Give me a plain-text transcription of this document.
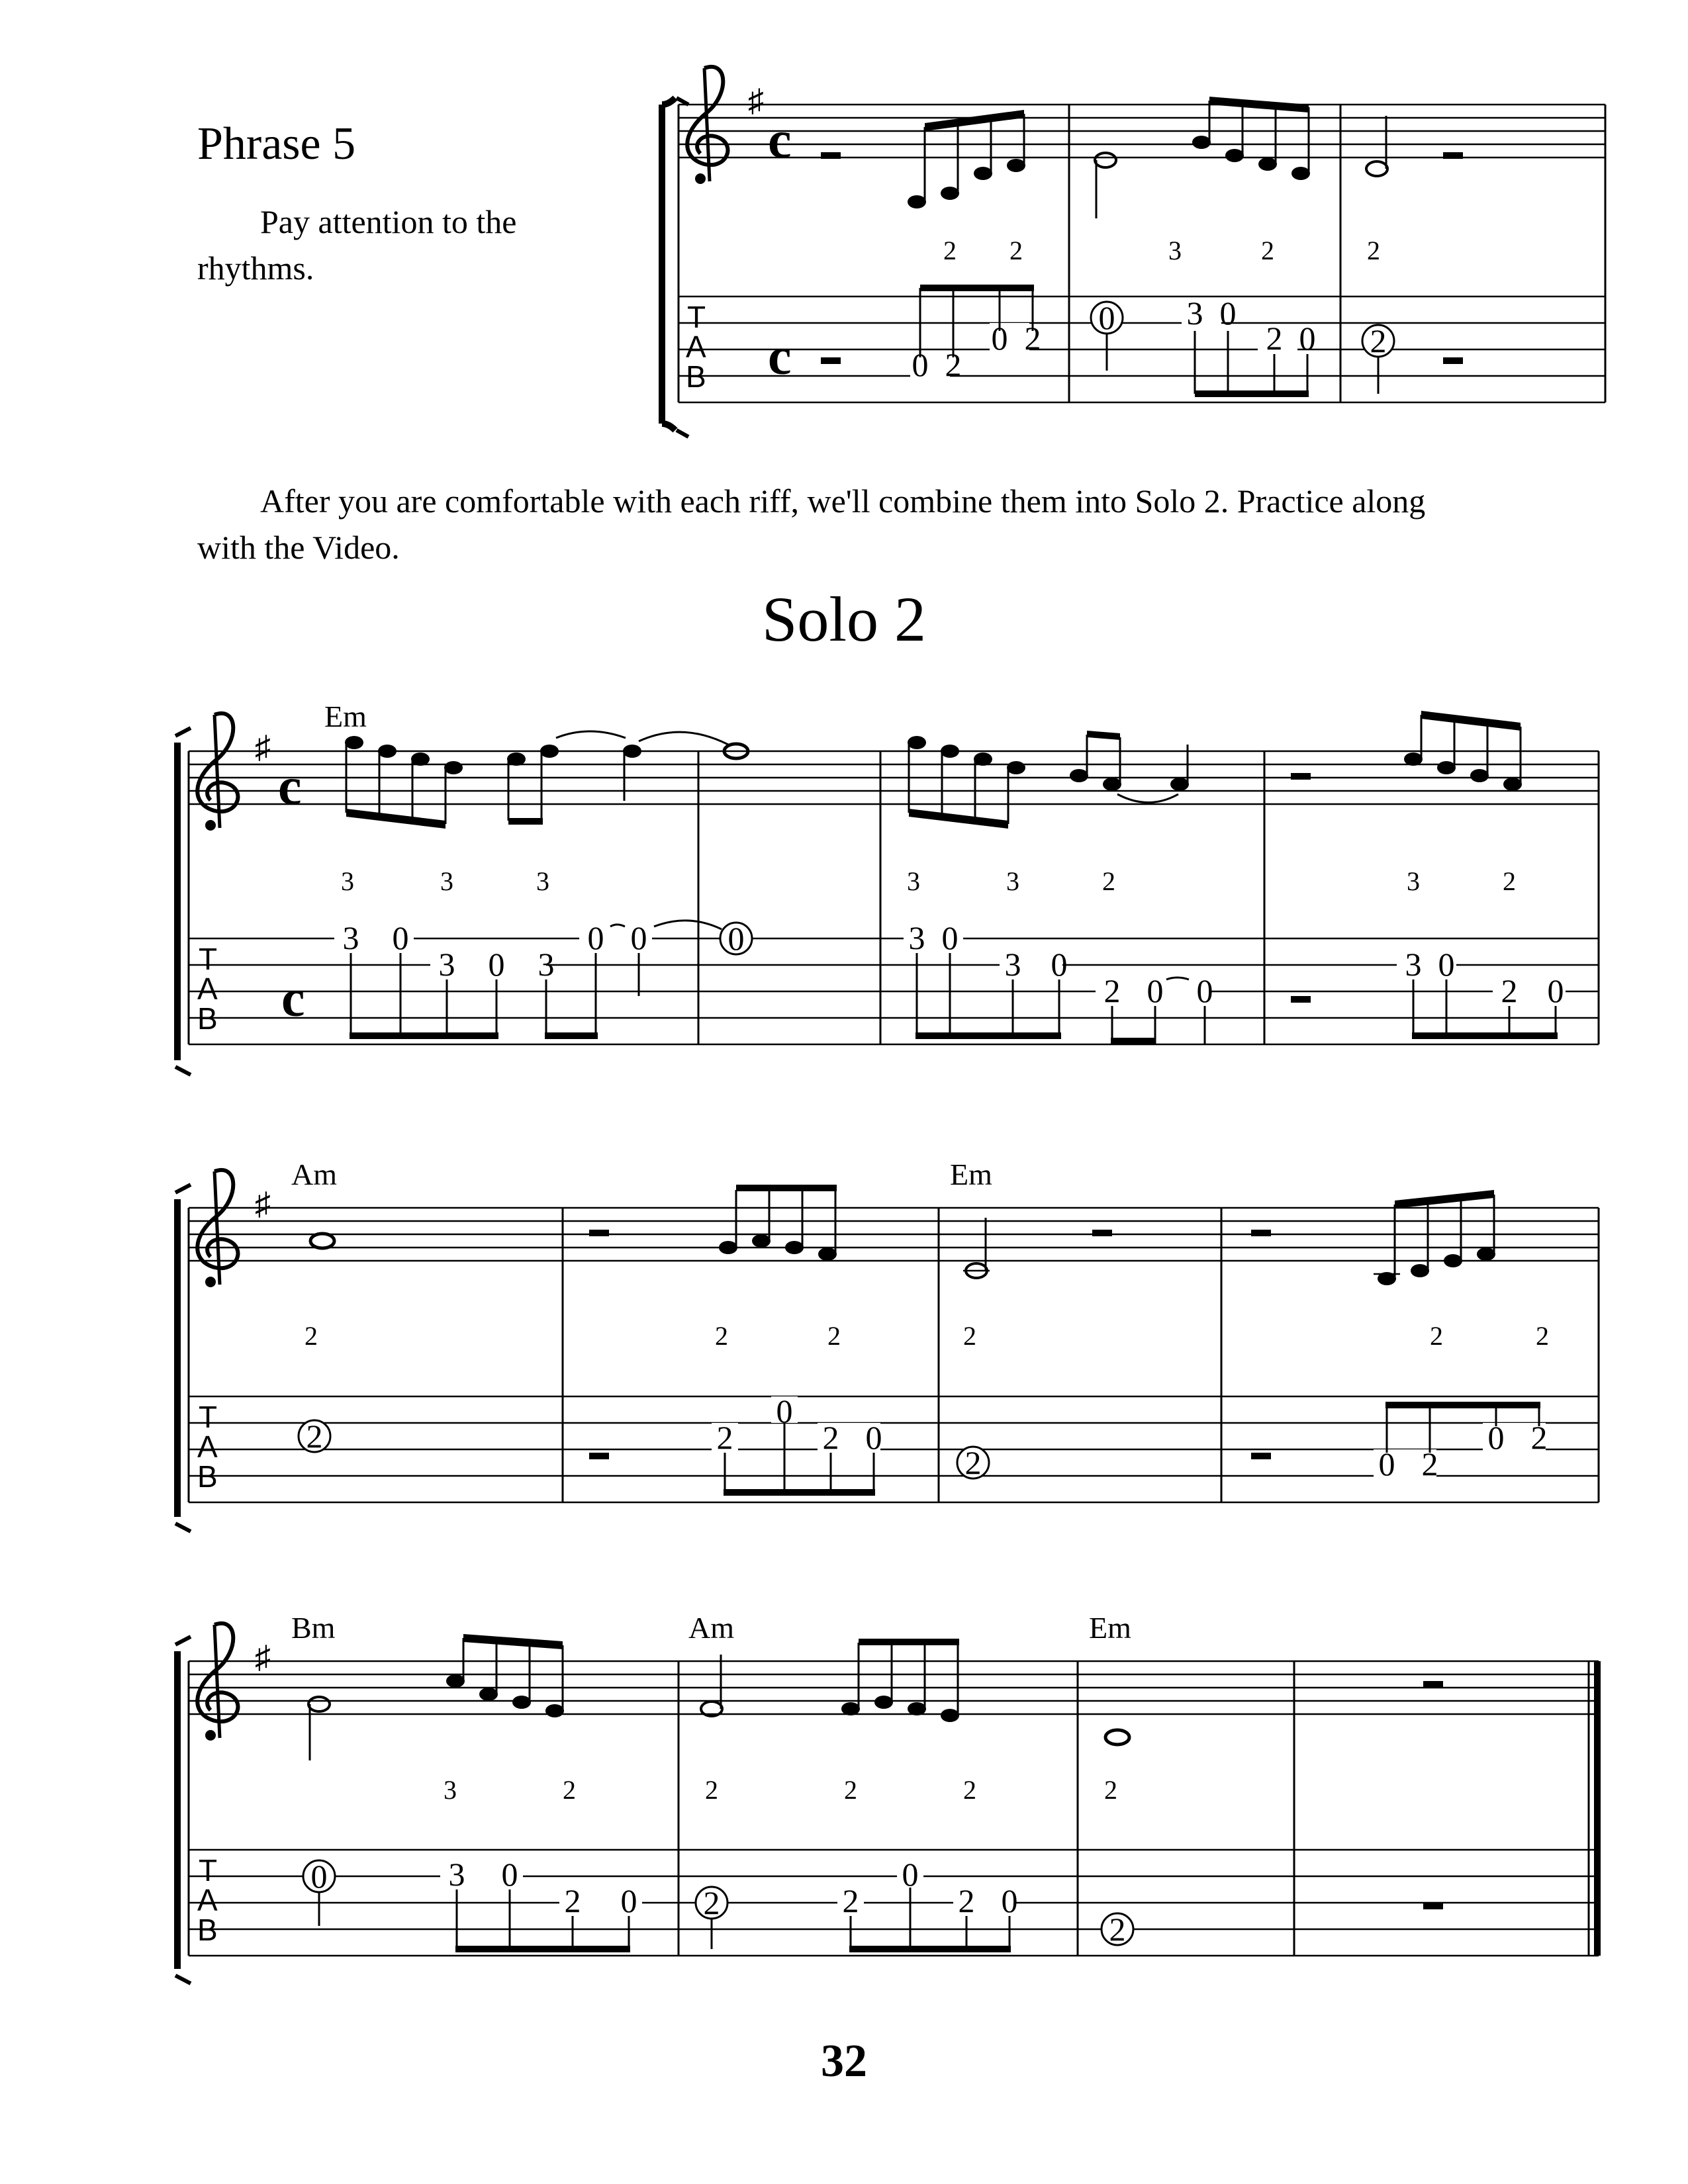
Phrase 5
Pay attention to the
rhythms.
After you are comfortable with each riff, we'll combine them into Solo 2. Practice along with the Video.
Solo 2
32
♯
c
T
A
B c
2 2	3	2	2
0 2
0 2
0 3 0
2 0 2
♯
c
T
A
B c
Em
3	3	3	3	3	2	3	2
3 0
3 0 3
0 0 0	3 0
3 0
2 0 0
3 0
2 0
♯
T
A
B
Am	Em
2	2	2	2	2	2
2	2
0
2 0
2	0 2
0 2
♯
T
A
B
Bm	Am	Em
3	2	2	2	2	2
0	3 0
2 0 2	2
0
2 0
2
